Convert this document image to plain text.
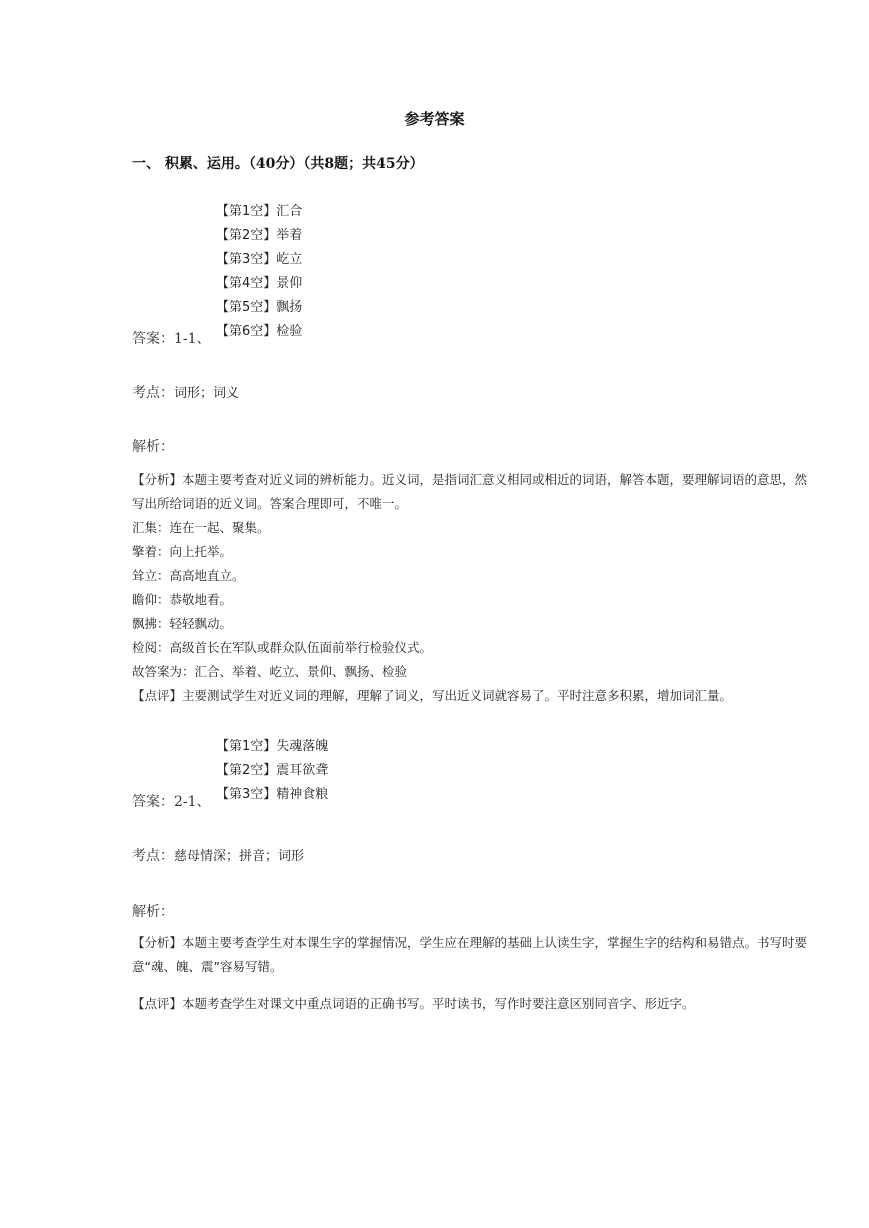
参考答案
一、 积累、运用。（40分）（共8题；共45分）
【第1空】汇合
【第2空】举着
【第3空】屹立
【第4空】景仰
【第5空】飘扬
【第6空】检验
答案：1-1、
考点：词形；词义
解析：
【分析】本题主要考查对近义词的辨析能力。近义词，是指词汇意义相同或相近的词语，解答本题，要理解词语的意思，然
写出所给词语的近义词。答案合理即可，不唯一。
汇集：连在一起、聚集。
擎着：向上托举。
耸立：高高地直立。
瞻仰：恭敬地看。
飘拂：轻轻飘动。
检阅：高级首长在军队或群众队伍面前举行检验仪式。
故答案为：汇合、举着、屹立、景仰、飘扬、检验
【点评】主要测试学生对近义词的理解，理解了词义，写出近义词就容易了。平时注意多积累，增加词汇量。
【第1空】失魂落魄
【第2空】震耳欲聋
【第3空】精神食粮
答案：2-1、
考点：慈母情深；拼音；词形
解析：
【分析】本题主要考查学生对本课生字的掌握情况，学生应在理解的基础上认读生字，掌握生字的结构和易错点。书写时要
意“魂、魄、震”容易写错。
【点评】本题考查学生对课文中重点词语的正确书写。平时读书，写作时要注意区别同音字、形近字。
